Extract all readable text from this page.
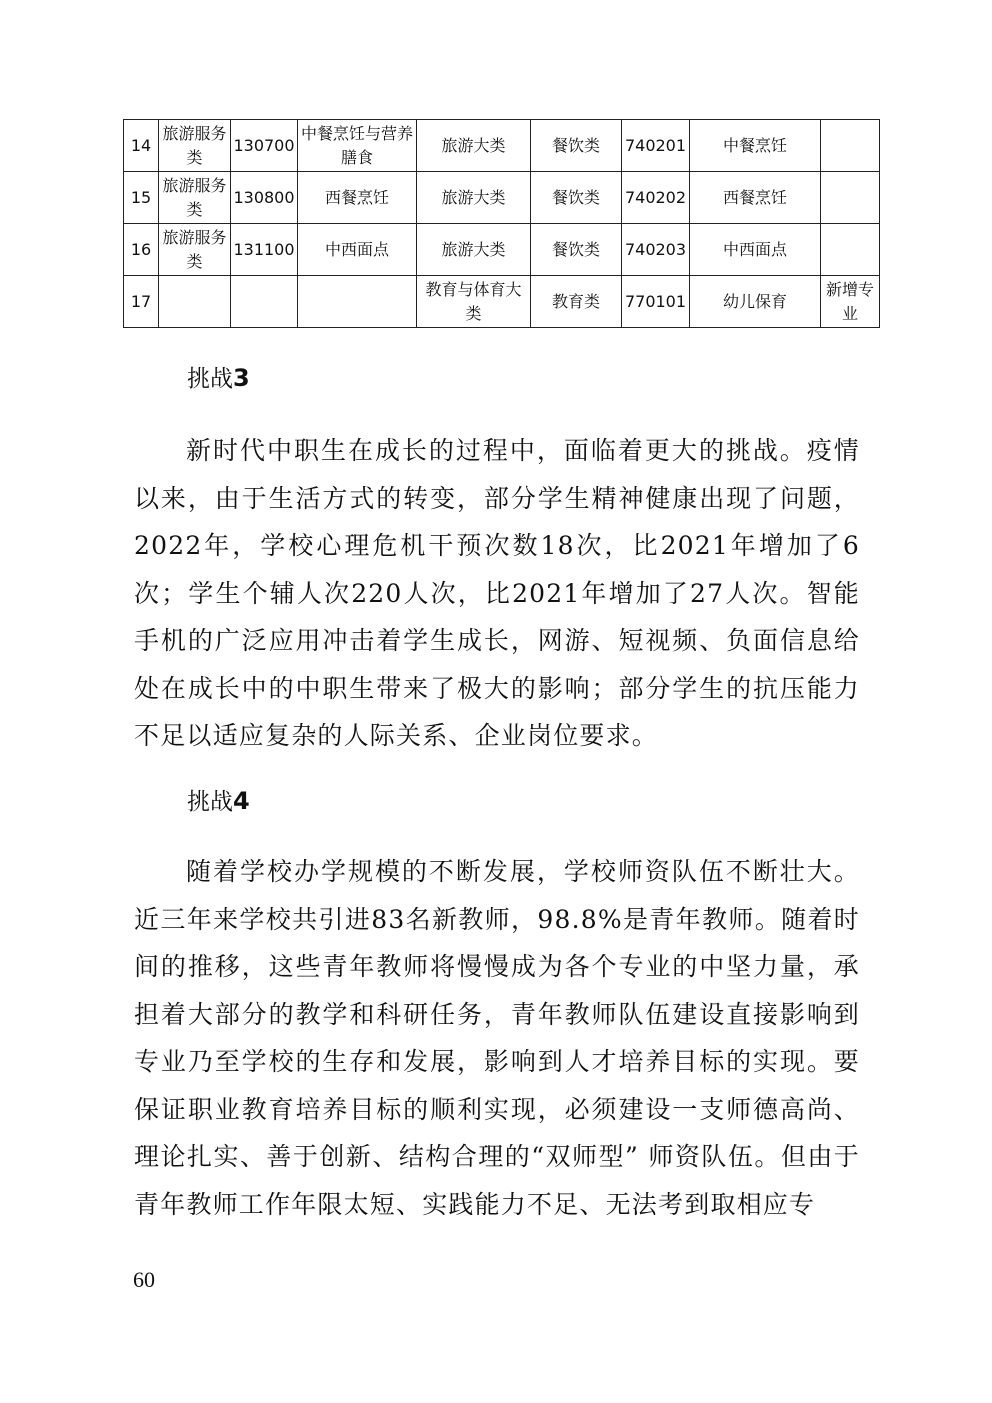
14	旅游服务类	130700	中餐烹饪与营养膳食	旅游大类	餐饮类	740201	中餐烹饪	
15	旅游服务类	130800	西餐烹饪	旅游大类	餐饮类	740202	西餐烹饪	
16	旅游服务类	131100	中西面点	旅游大类	餐饮类	740203	中西面点	
17				教育与体育大类	教育类	770101	幼儿保育	新增专业
挑战3
新时代中职生在成长的过程中，面临着更大的挑战。疫情以来，由于生活方式的转变，部分学生精神健康出现了问题，2022年，学校心理危机干预次数18次，比2021年增加了6次；学生个辅人次220人次，比2021年增加了27人次。智能手机的广泛应用冲击着学生成长，网游、短视频、负面信息给处在成长中的中职生带来了极大的影响；部分学生的抗压能力不足以适应复杂的人际关系、企业岗位要求。
挑战4
随着学校办学规模的不断发展，学校师资队伍不断壮大。近三年来学校共引进83名新教师，98.8%是青年教师。随着时间的推移，这些青年教师将慢慢成为各个专业的中坚力量，承担着大部分的教学和科研任务，青年教师队伍建设直接影响到专业乃至学校的生存和发展，影响到人才培养目标的实现。要保证职业教育培养目标的顺利实现，必须建设一支师德高尚、理论扎实、善于创新、结构合理的“双师型” 师资队伍。但由于青年教师工作年限太短、实践能力不足、无法考到取相应专
60
